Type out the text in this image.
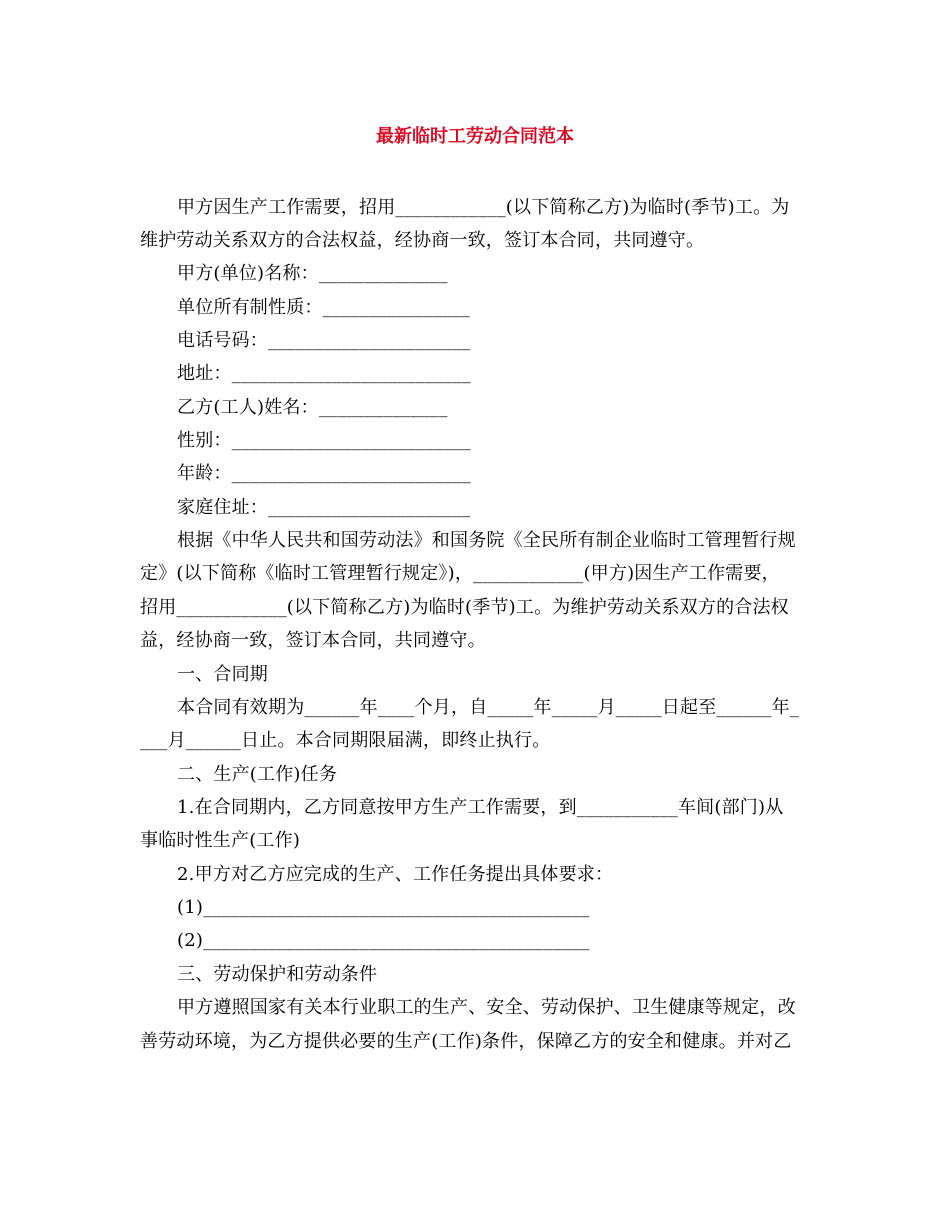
最新临时工劳动合同范本
甲方因生产工作需要，招用____________(以下简称乙方)为临时(季节)工。为
维护劳动关系双方的合法权益，经协商一致，签订本合同，共同遵守。
甲方(单位)名称：______________
单位所有制性质：________________
电话号码：______________________
地址：__________________________
乙方(工人)姓名：______________
性别：__________________________
年龄：__________________________
家庭住址：______________________
根据《中华人民共和国劳动法》和国务院《全民所有制企业临时工管理暂行规
定》(以下简称《临时工管理暂行规定》)，____________(甲方)因生产工作需要，
招用____________(以下简称乙方)为临时(季节)工。为维护劳动关系双方的合法权
益，经协商一致，签订本合同，共同遵守。
一、合同期
本合同有效期为______年____个月，自_____年_____月_____日起至______年_
___月______日止。本合同期限届满，即终止执行。
二、生产(工作)任务
1.在合同期内，乙方同意按甲方生产工作需要，到___________车间(部门)从
事临时性生产(工作)
2.甲方对乙方应完成的生产、工作任务提出具体要求：
(1)__________________________________________
(2)__________________________________________
三、劳动保护和劳动条件
甲方遵照国家有关本行业职工的生产、安全、劳动保护、卫生健康等规定，改
善劳动环境，为乙方提供必要的生产(工作)条件，保障乙方的安全和健康。并对乙
